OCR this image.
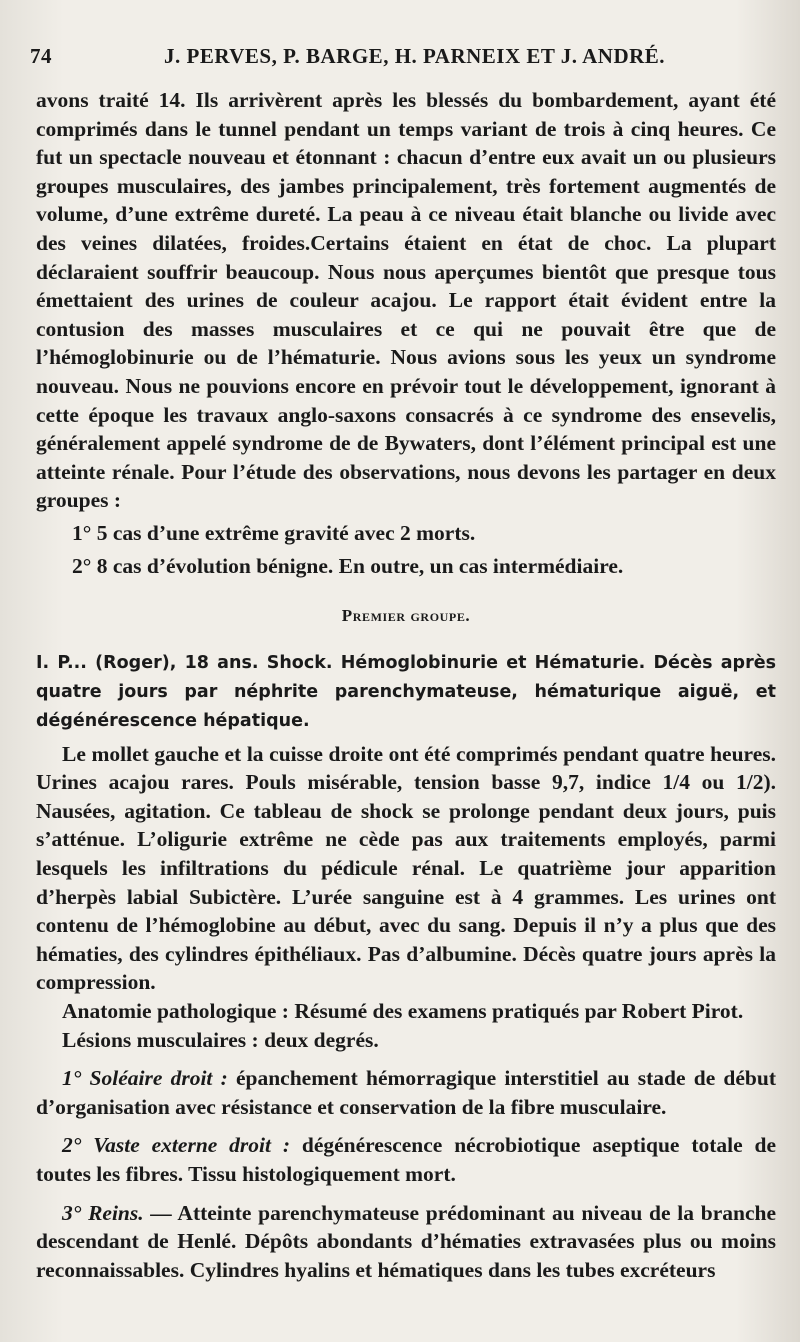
74	J. PERVES, P. BARGE, H. PARNEIX ET J. ANDRÉ.

avons traité 14. Ils arrivèrent après les blessés du bombardement, ayant été comprimés dans le tunnel pendant un temps variant de trois à cinq heures. Ce fut un spectacle nouveau et étonnant : chacun d’entre eux avait un ou plusieurs groupes musculaires, des jambes principalement, très fortement augmentés de volume, d’une extrême dureté. La peau à ce niveau était blanche ou livide avec des veines dilatées, froides.Certains étaient en état de choc. La plupart déclaraient souffrir beaucoup. Nous nous aperçumes bientôt que presque tous émettaient des urines de couleur acajou. Le rapport était évident entre la contusion des masses musculaires et ce qui ne pouvait être que de l’hémoglobinurie ou de l’hématurie. Nous avions sous les yeux un syndrome nouveau. Nous ne pouvions encore en prévoir tout le développement, ignorant à cette époque les travaux anglo-saxons consacrés à ce syndrome des ensevelis, généralement appelé syndrome de de Bywaters, dont l’élément principal est une atteinte rénale. Pour l’étude des observations, nous devons les partager en deux groupes :

1° 5 cas d’une extrême gravité avec 2 morts.

2° 8 cas d’évolution bénigne. En outre, un cas intermédiaire.

Premier groupe.

I. P... (Roger), 18 ans. Shock. Hémoglobinurie et Hématurie. Décès après quatre jours par néphrite parenchymateuse, hématurique aiguë, et dégénérescence hépatique.

Le mollet gauche et la cuisse droite ont été comprimés pendant quatre heures. Urines acajou rares. Pouls misérable, tension basse 9,7, indice 1/4 ou 1/2). Nausées, agitation. Ce tableau de shock se prolonge pendant deux jours, puis s’atténue. L’oligurie extrême ne cède pas aux traitements employés, parmi lesquels les infiltrations du pédicule rénal. Le quatrième jour apparition d’herpès labial Subictère. L’urée sanguine est à 4 grammes. Les urines ont contenu de l’hémoglobine au début, avec du sang. Depuis il n’y a plus que des hématies, des cylindres épithéliaux. Pas d’albumine. Décès quatre jours après la compression.

Anatomie pathologique : Résumé des examens pratiqués par Robert Pirot.

Lésions musculaires : deux degrés.

1° Soléaire droit : épanchement hémorragique interstitiel au stade de début d’organisation avec résistance et conservation de la fibre musculaire.

2° Vaste externe droit : dégénérescence nécrobiotique aseptique totale de toutes les fibres. Tissu histologiquement mort.

3° Reins. — Atteinte parenchymateuse prédominant au niveau de la branche descendant de Henlé. Dépôts abondants d’hématies extravasées plus ou moins reconnaissables. Cylindres hyalins et hématiques dans les tubes excréteurs
